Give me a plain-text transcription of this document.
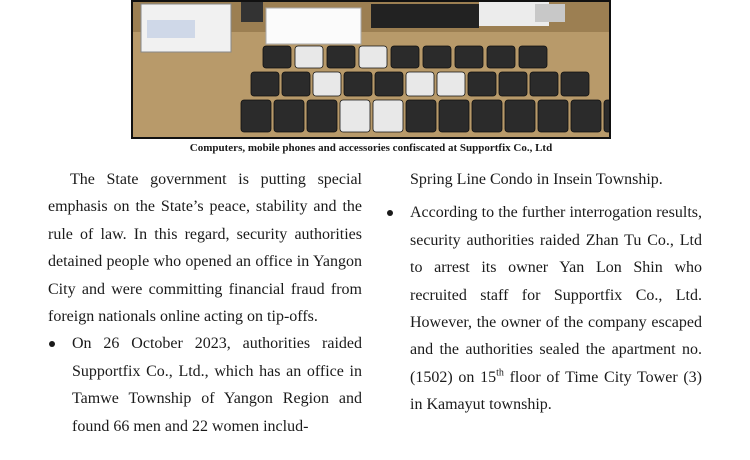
Computers, mobile phones and accessories confiscated at Supportfix Co., Ltd

The State government is putting special emphasis on the State’s peace, stability and the rule of law. In this regard, security authorities detained people who opened an office in Yangon City and were committing financial fraud from foreign nationals online acting on tip-offs.

On 26 October 2023, authorities raided Supportfix Co., Ltd., which has an office in Tamwe Township of Yangon Region and found 66 men and 22 women includ-

Spring Line Condo in Insein Township.

According to the further interrogation results, security authorities raided Zhan Tu Co., Ltd to arrest its owner Yan Lon Shin who recruited staff for Supportfix Co., Ltd. However, the owner of the company escaped and the authorities sealed the apartment no. (1502) on 15th floor of Time City Tower (3) in Kamayut township.
